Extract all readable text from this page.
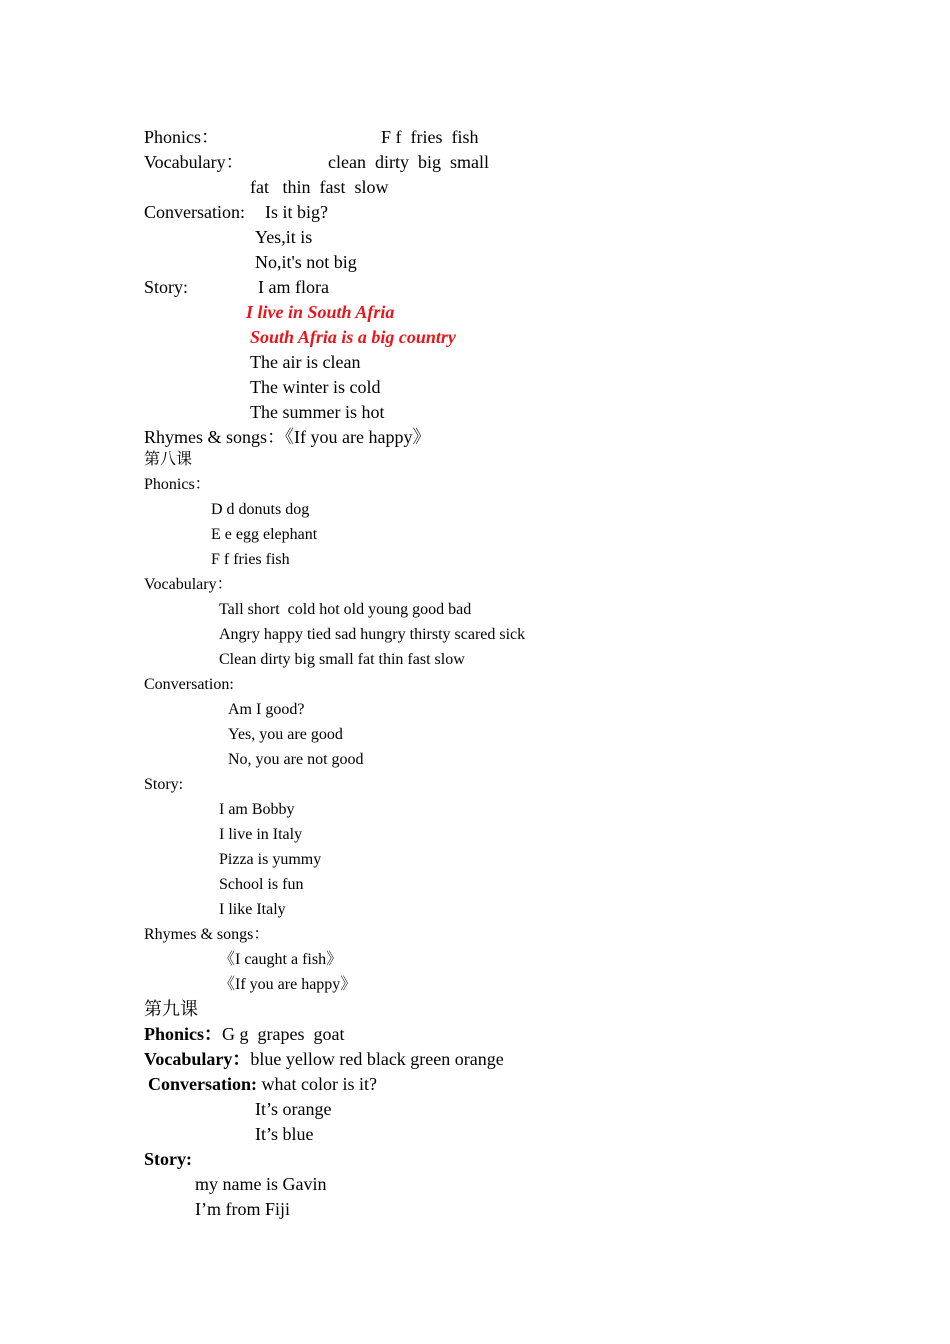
Phonics：	F f  fries  fish
Vocabulary：	clean  dirty  big  small
fat   thin  fast  slow
Conversation: Is it big?
Yes,it is
No,it's not big
Story:	I am flora
I live in South Afria
South Afria is a big country
The air is clean
The winter is cold
The summer is hot
Rhymes & songs：《If you are happy》
第八课
Phonics：
D d donuts dog
E e egg elephant
F f fries fish
Vocabulary：
Tall short  cold hot old young good bad
Angry happy tied sad hungry thirsty scared sick
Clean dirty big small fat thin fast slow
Conversation:
Am I good?
Yes, you are good
No, you are not good
Story:
I am Bobby
I live in Italy
Pizza is yummy
School is fun
I like Italy
Rhymes & songs：
《I caught a fish》
《If you are happy》
第九课
Phonics：G g  grapes  goat
Vocabulary：blue yellow red black green orange
Conversation: what color is it?
It’s orange
It’s blue
Story:
my name is Gavin
I’m from Fiji
